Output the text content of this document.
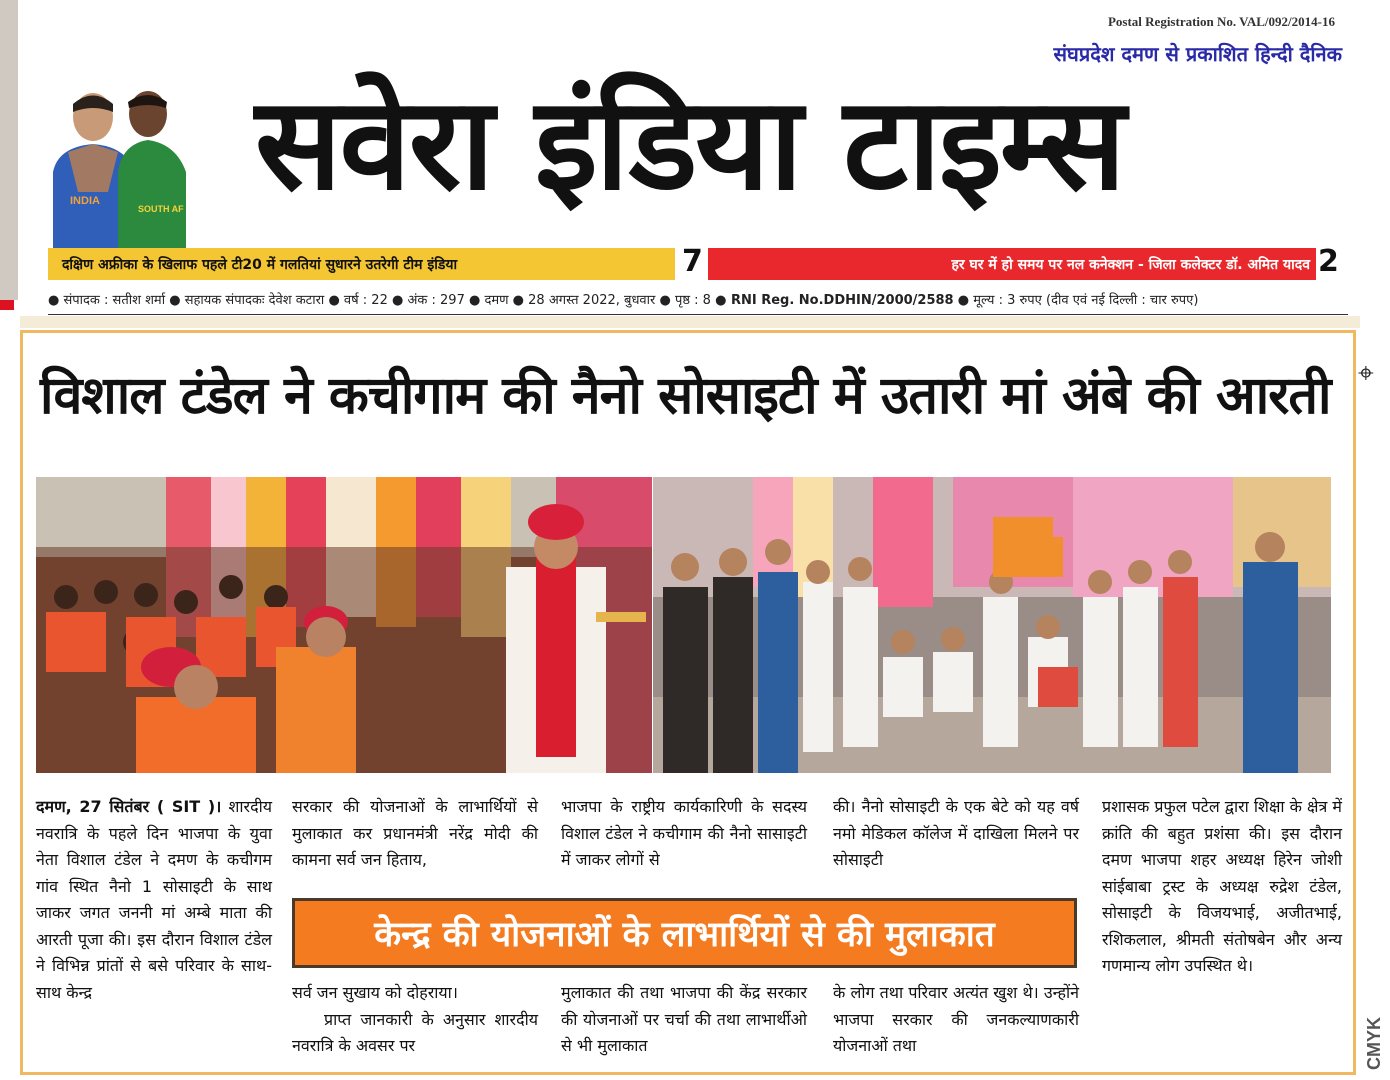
Postal Registration No. VAL/092/2014-16
संघप्रदेश दमण से प्रकाशित हिन्दी दैनिक
सवेरा इंडिया टाइम्स
INDIA
SOUTH AF
दक्षिण अफ्रीका के खिलाफ पहले टी20 में गलतियां सुधारने उतरेगी टीम इंडिया	7	हर घर में हो समय पर नल कनेक्शन - जिला कलेक्टर डॉ. अमित यादव 2
● संपादक : सतीश शर्मा ● सहायक संपादकः देवेश कटारा ● वर्ष : 22 ● अंक : 297 ● दमण ● 28 अगस्त 2022, बुधवार ● पृष्ठ : 8 ● RNI Reg. No.DDHIN/2000/2588 ● मूल्य : 3 रुपए (दीव एवं नई दिल्ली : चार रुपए)
विशाल टंडेल ने कचीगाम की नैनो सोसाइटी में उतारी मां अंबे की आरती ⌖

दमण, 27 सितंबर ( SIT )। शारदीय नवरात्रि के पहले दिन भाजपा के युवा नेता विशाल टंडेल ने दमण के कचीगम गांव स्थित नैनो 1 सोसाइटी के साथ जाकर जगत जननी मां अम्बे माता की आरती पूजा की। इस दौरान विशाल टंडेल ने विभिन्न प्रांतों से बसे परिवार के साथ-साथ केन्द्र

सरकार की योजनाओं के लाभार्थियों से मुलाकात कर प्रधानमंत्री नरेंद्र मोदी की कामना सर्व जन हिताय,

भाजपा के राष्ट्रीय कार्यकारिणी के सदस्य विशाल टंडेल ने कचीगाम की नैनो सासाइटी में जाकर लोगों से

की। नैनो सोसाइटी के एक बेटे को यह वर्ष नमो मेडिकल कॉलेज में दाखिला मिलने पर सोसाइटी

प्रशासक प्रफुल पटेल द्वारा शिक्षा के क्षेत्र में क्रांति की बहुत प्रशंसा की। इस दौरान दमण भाजपा शहर अध्यक्ष हिरेन जोशी सांईबाबा ट्रस्ट के अध्यक्ष रुद्रेश टंडेल, सोसाइटी के विजयभाई, अजीतभाई, रशिकलाल, श्रीमती संतोषबेन और अन्य गणमान्य लोग उपस्थित थे।

केन्द्र की योजनाओं के लाभार्थियों से की मुलाकात

सर्व जन सुखाय को दोहराया।

प्राप्त जानकारी के अनुसार शारदीय नवरात्रि के अवसर पर

मुलाकात की तथा भाजपा की केंद्र सरकार की योजनाओं पर चर्चा की तथा लाभार्थीओ से भी मुलाकात

के लोग तथा परिवार अत्यंत खुश थे। उन्होंने भाजपा सरकार की जनकल्याणकारी योजनाओं तथा	CMYK
